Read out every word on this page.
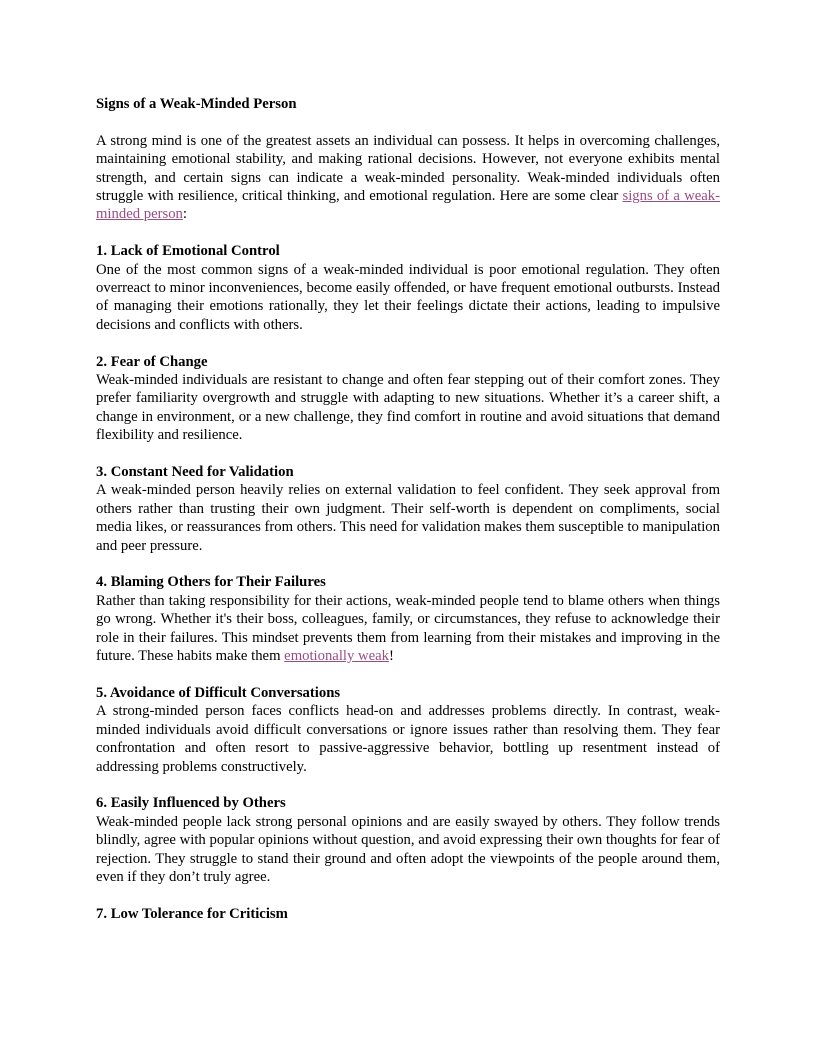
Signs of a Weak-Minded Person

A strong mind is one of the greatest assets an individual can possess. It helps in overcoming challenges, maintaining emotional stability, and making rational decisions. However, not everyone exhibits mental strength, and certain signs can indicate a weak-minded personality. Weak-minded individuals often struggle with resilience, critical thinking, and emotional regulation. Here are some clear signs of a weak-minded person:

1. Lack of Emotional Control

One of the most common signs of a weak-minded individual is poor emotional regulation. They often overreact to minor inconveniences, become easily offended, or have frequent emotional outbursts. Instead of managing their emotions rationally, they let their feelings dictate their actions, leading to impulsive decisions and conflicts with others.

2. Fear of Change

Weak-minded individuals are resistant to change and often fear stepping out of their comfort zones. They prefer familiarity overgrowth and struggle with adapting to new situations. Whether it’s a career shift, a change in environment, or a new challenge, they find comfort in routine and avoid situations that demand flexibility and resilience.

3. Constant Need for Validation

A weak-minded person heavily relies on external validation to feel confident. They seek approval from others rather than trusting their own judgment. Their self-worth is dependent on compliments, social media likes, or reassurances from others. This need for validation makes them susceptible to manipulation and peer pressure.

4. Blaming Others for Their Failures

Rather than taking responsibility for their actions, weak-minded people tend to blame others when things go wrong. Whether it's their boss, colleagues, family, or circumstances, they refuse to acknowledge their role in their failures. This mindset prevents them from learning from their mistakes and improving in the future. These habits make them emotionally weak!

5. Avoidance of Difficult Conversations

A strong-minded person faces conflicts head-on and addresses problems directly. In contrast, weak-minded individuals avoid difficult conversations or ignore issues rather than resolving them. They fear confrontation and often resort to passive-aggressive behavior, bottling up resentment instead of addressing problems constructively.

6. Easily Influenced by Others

Weak-minded people lack strong personal opinions and are easily swayed by others. They follow trends blindly, agree with popular opinions without question, and avoid expressing their own thoughts for fear of rejection. They struggle to stand their ground and often adopt the viewpoints of the people around them, even if they don’t truly agree.

7. Low Tolerance for Criticism
